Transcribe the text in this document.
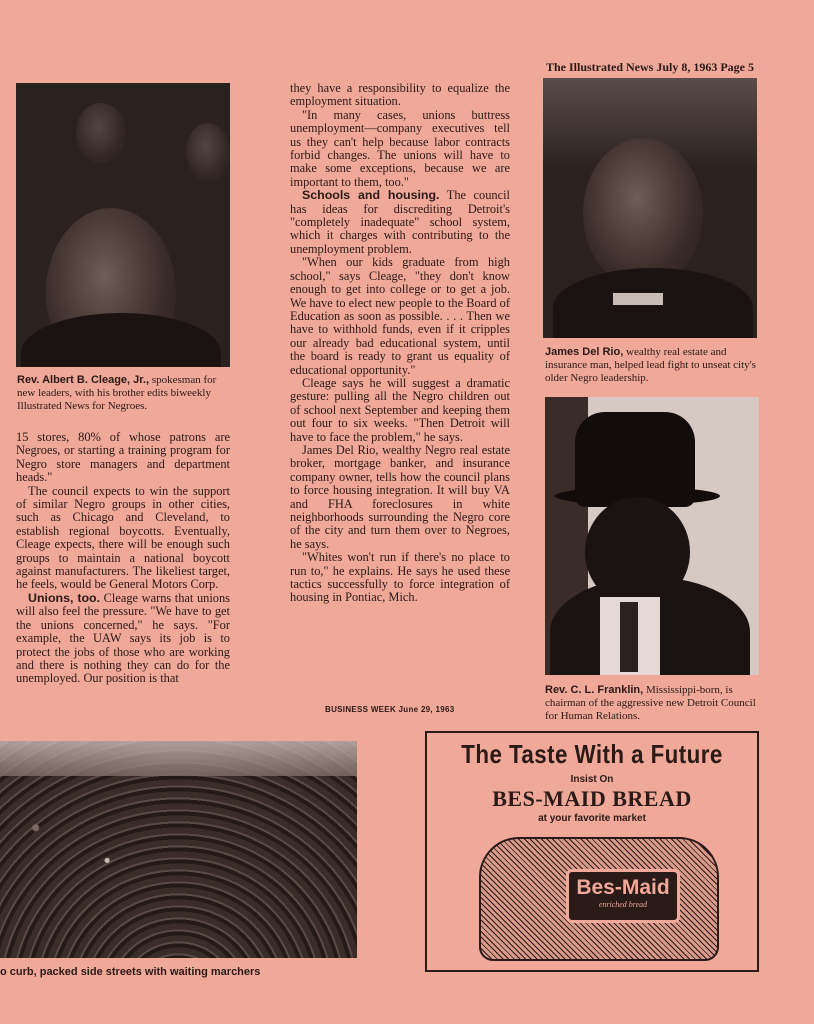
The Illustrated News July 8, 1963 Page 5
Rev. Albert B. Cleage, Jr., spokesman for new leaders, with his brother edits biweekly Illustrated News for Negroes.

15 stores, 80% of whose patrons are Negroes, or starting a training program for Negro store managers and department heads."

The council expects to win the support of similar Negro groups in other cities, such as Chicago and Cleveland, to establish regional boycotts. Eventually, Cleage expects, there will be enough such groups to maintain a national boycott against manufacturers. The likeliest target, he feels, would be General Motors Corp.

Unions, too. Cleage warns that unions will also feel the pressure. "We have to get the unions concerned," he says. "For example, the UAW says its job is to protect the jobs of those who are working and there is nothing they can do for the unemployed. Our position is that

they have a responsibility to equalize the employment situation.

"In many cases, unions buttress unemployment—company executives tell us they can't help because labor contracts forbid changes. The unions will have to make some exceptions, because we are important to them, too."

Schools and housing. The council has ideas for discrediting Detroit's "completely inadequate" school system, which it charges with contributing to the unemployment problem.

"When our kids graduate from high school," says Cleage, "they don't know enough to get into college or to get a job. We have to elect new people to the Board of Education as soon as possible. . . . Then we have to withhold funds, even if it cripples our already bad educational system, until the board is ready to grant us equality of educational opportunity."

Cleage says he will suggest a dramatic gesture: pulling all the Negro children out of school next September and keeping them out four to six weeks. "Then Detroit will have to face the problem," he says.

James Del Rio, wealthy Negro real estate broker, mortgage banker, and insurance company owner, tells how the council plans to force housing integration. It will buy VA and FHA foreclosures in white neighborhoods surrounding the Negro core of the city and turn them over to Negroes, he says.

"Whites won't run if there's no place to run to," he explains. He says he used these tactics successfully to force integration of housing in Pontiac, Mich.

BUSINESS WEEK June 29, 1963
James Del Rio, wealthy real estate and insurance man, helped lead fight to unseat city's older Negro leadership.
Rev. C. L. Franklin, Mississippi-born, is chairman of the aggressive new Detroit Council for Human Relations.
o curb, packed side streets with waiting marchers
The Taste With a Future
Insist On
BES-MAID BREAD
at your favorite market
Bes-Maid
enriched bread
